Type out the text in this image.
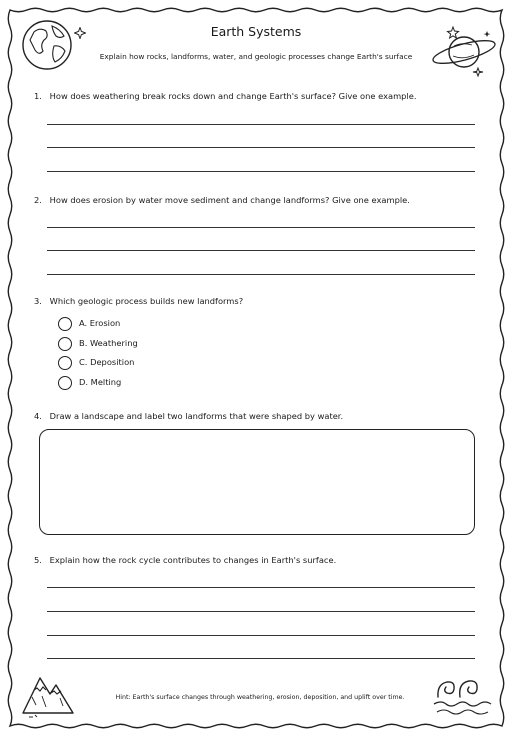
Earth Systems
Explain how rocks, landforms, water, and geologic processes change Earth's surface
1. How does weathering break rocks down and change Earth's surface? Give one example.
2. How does erosion by water move sediment and change landforms? Give one example.
3. Which geologic process builds new landforms?
A. Erosion
B. Weathering
C. Deposition
D. Melting
4. Draw a landscape and label two landforms that were shaped by water.
5. Explain how the rock cycle contributes to changes in Earth's surface.
Hint: Earth's surface changes through weathering, erosion, deposition, and uplift over time.
